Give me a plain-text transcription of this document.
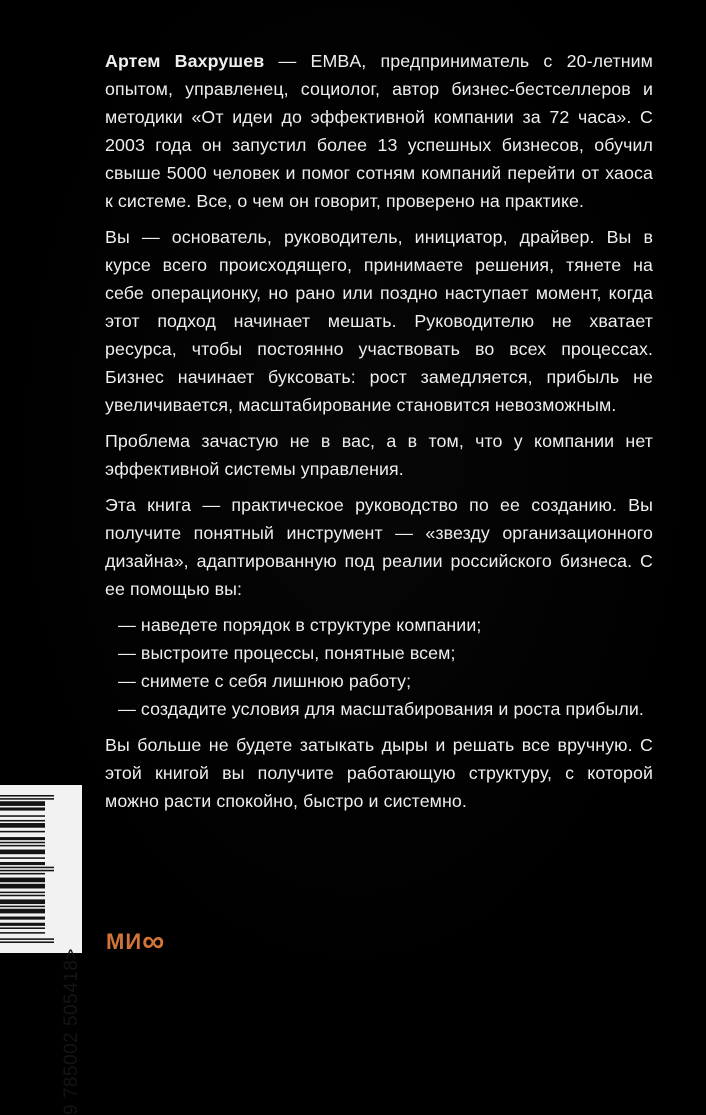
Артем Вахрушев — EMBA, предприниматель с 20-летним опытом, управленец, социолог, автор бизнес-бестселлеров и методики «От идеи до эффективной компании за 72 часа». С 2003 года он запустил более 13 успешных бизнесов, обучил свыше 5000 человек и помог сотням компаний перейти от хаоса к системе. Все, о чем он говорит, проверено на практике.

Вы — основатель, руководитель, инициатор, драйвер. Вы в курсе всего происходящего, принимаете решения, тянете на себе операционку, но рано или поздно наступает момент, когда этот подход начинает мешать. Руководителю не хватает ресурса, чтобы постоянно участвовать во всех процессах. Бизнес начинает буксовать: рост замедляется, прибыль не увеличивается, масштабирование становится невозможным.

Проблема зачастую не в вас, а в том, что у компании нет эффективной системы управления.

Эта книга — практическое руководство по ее созданию. Вы получите понятный инструмент — «звезду организационного дизайна», адаптированную под реалии российского бизнеса. С ее помощью вы:

— наведете порядок в структуре компании;
— выстроите процессы, понятные всем;
— снимете с себя лишнюю работу;
— создадите условия для масштабирования и роста прибыли.

Вы больше не будете затыкать дыры и решать все вручную. С этой книгой вы получите работающую структуру, с которой можно расти спокойно, быстро и системно.

9 785002 505418>
МИ∞
